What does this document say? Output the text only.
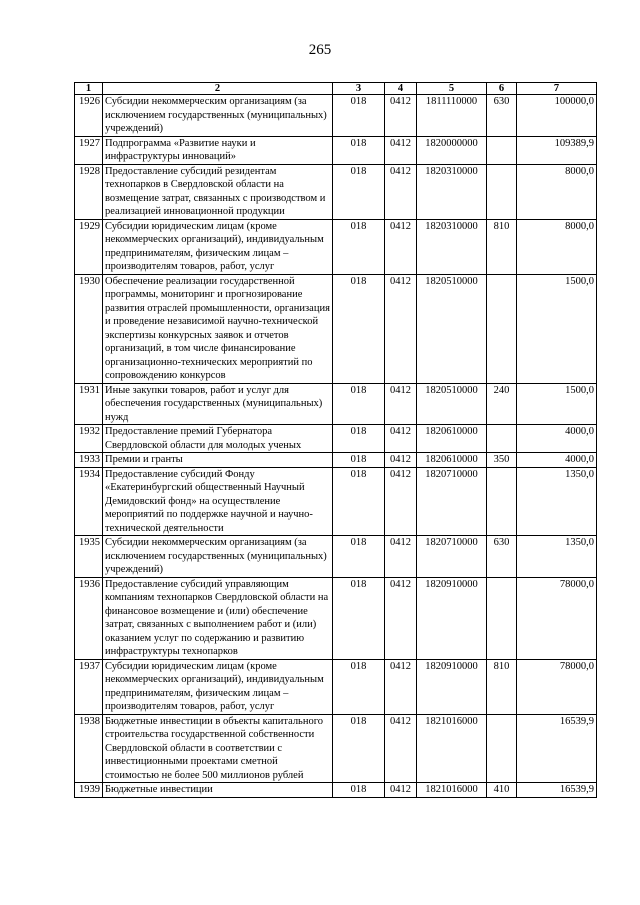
265
1	2	3	4	5	6	7
1926	Субсидии некоммерческим организациям (за исключением государственных (муниципальных) учреждений)	018	0412	1811110000	630	100000,0
1927	Подпрограмма «Развитие науки и инфраструктуры инноваций»	018	0412	1820000000		109389,9
1928	Предоставление субсидий резидентам технопарков в Свердловской области на возмещение затрат, связанных с производством и реализацией инновационной продукции	018	0412	1820310000		8000,0
1929	Субсидии юридическим лицам (кроме некоммерческих организаций), индивидуальным предпринимателям, физическим лицам – производителям товаров, работ, услуг	018	0412	1820310000	810	8000,0
1930	Обеспечение реализации государственной программы, мониторинг и прогнозирование развития отраслей промышленности, организация и проведение независимой научно-технической экспертизы конкурсных заявок и отчетов организаций, в том числе финансирование организационно-технических мероприятий по сопровождению конкурсов	018	0412	1820510000		1500,0
1931	Иные закупки товаров, работ и услуг для обеспечения государственных (муниципальных) нужд	018	0412	1820510000	240	1500,0
1932	Предоставление премий Губернатора Свердловской области для молодых ученых	018	0412	1820610000		4000,0
1933	Премии и гранты	018	0412	1820610000	350	4000,0
1934	Предоставление субсидий Фонду «Екатеринбургский общественный Научный Демидовский фонд» на осуществление мероприятий по поддержке научной и научно-технической деятельности	018	0412	1820710000		1350,0
1935	Субсидии некоммерческим организациям (за исключением государственных (муниципальных) учреждений)	018	0412	1820710000	630	1350,0
1936	Предоставление субсидий управляющим компаниям технопарков Свердловской области на финансовое возмещение и (или) обеспечение затрат, связанных с выполнением работ и (или) оказанием услуг по содержанию и развитию инфраструктуры технопарков	018	0412	1820910000		78000,0
1937	Субсидии юридическим лицам (кроме некоммерческих организаций), индивидуальным предпринимателям, физическим лицам – производителям товаров, работ, услуг	018	0412	1820910000	810	78000,0
1938	Бюджетные инвестиции в объекты капитального строительства государственной собственности Свердловской области в соответствии с инвестиционными проектами сметной стоимостью не более 500 миллионов рублей	018	0412	1821016000		16539,9
1939	Бюджетные инвестиции	018	0412	1821016000	410	16539,9
